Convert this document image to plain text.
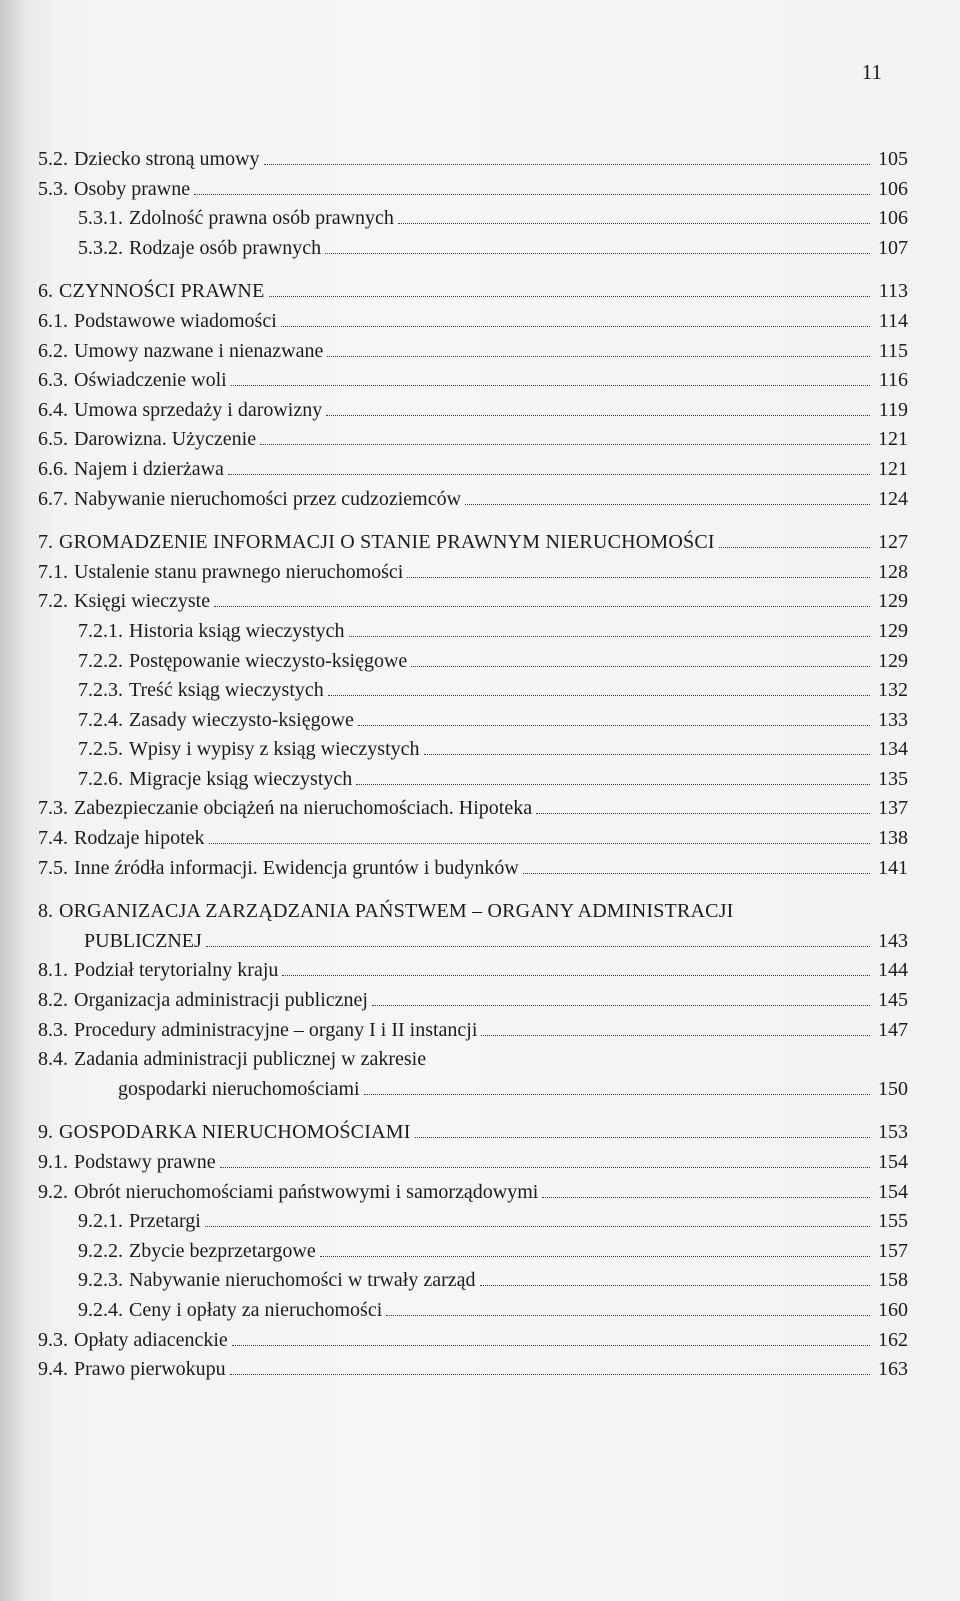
11
5.2. Dziecko stroną umowy	105
5.3. Osoby prawne	106
5.3.1. Zdolność prawna osób prawnych	106
5.3.2. Rodzaje osób prawnych	107
6. CZYNNOŚCI PRAWNE	113
6.1. Podstawowe wiadomości	114
6.2. Umowy nazwane i nienazwane	115
6.3. Oświadczenie woli	116
6.4. Umowa sprzedaży i darowizny	119
6.5. Darowizna. Użyczenie	121
6.6. Najem i dzierżawa	121
6.7. Nabywanie nieruchomości przez cudzoziemców	124
7. GROMADZENIE INFORMACJI O STANIE PRAWNYM NIERUCHOMOŚCI	127
7.1. Ustalenie stanu prawnego nieruchomości	128
7.2. Księgi wieczyste	129
7.2.1. Historia ksiąg wieczystych	129
7.2.2. Postępowanie wieczysto-księgowe	129
7.2.3. Treść ksiąg wieczystych	132
7.2.4. Zasady wieczysto-księgowe	133
7.2.5. Wpisy i wypisy z ksiąg wieczystych	134
7.2.6. Migracje ksiąg wieczystych	135
7.3. Zabezpieczanie obciążeń na nieruchomościach. Hipoteka	137
7.4. Rodzaje hipotek	138
7.5. Inne źródła informacji. Ewidencja gruntów i budynków	141
8. ORGANIZACJA ZARZĄDZANIA PAŃSTWEM – ORGANY ADMINISTRACJI
PUBLICZNEJ	143
8.1. Podział terytorialny kraju	144
8.2. Organizacja administracji publicznej	145
8.3. Procedury administracyjne – organy I i II instancji	147
8.4. Zadania administracji publicznej w zakresie
gospodarki nieruchomościami	150
9. GOSPODARKA NIERUCHOMOŚCIAMI	153
9.1. Podstawy prawne	154
9.2. Obrót nieruchomościami państwowymi i samorządowymi	154
9.2.1. Przetargi	155
9.2.2. Zbycie bezprzetargowe	157
9.2.3. Nabywanie nieruchomości w trwały zarząd	158
9.2.4. Ceny i opłaty za nieruchomości	160
9.3. Opłaty adiacenckie	162
9.4. Prawo pierwokupu	163
